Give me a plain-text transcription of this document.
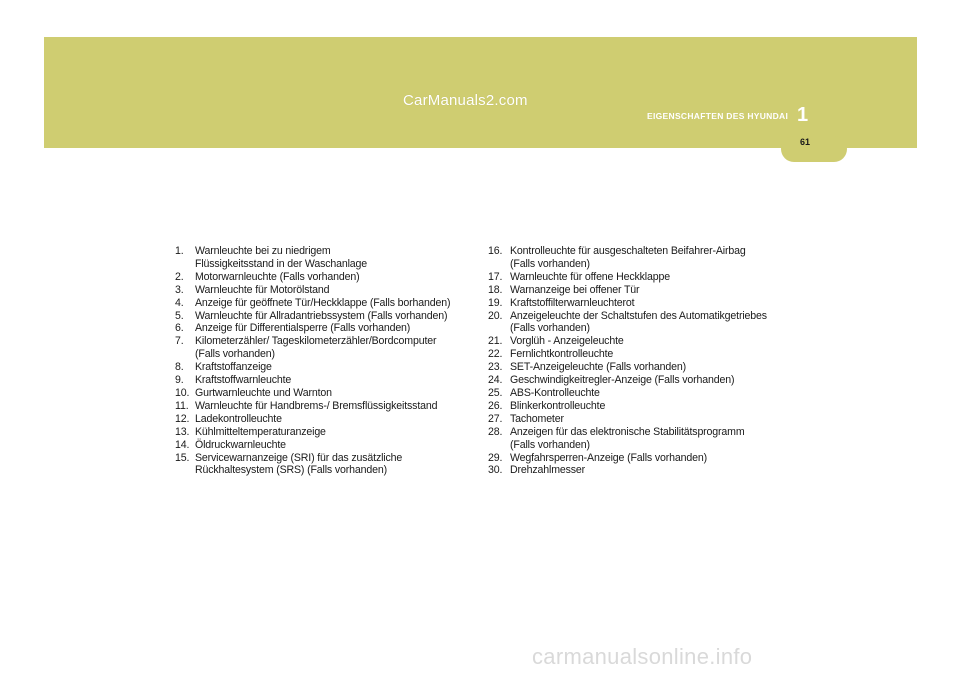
CarManuals2.com
EIGENSCHAFTEN DES HYUNDAI 1
61
1.	Warnleuchte bei zu niedrigem
Flüssigkeitsstand in der Waschanlage
2.	Motorwarnleuchte (Falls vorhanden)
3.	Warnleuchte für Motorölstand
4.	Anzeige für geöffnete Tür/Heckklappe (Falls borhanden)
5.	Warnleuchte für Allradantriebssystem (Falls vorhanden)
6.	Anzeige für Differentialsperre (Falls vorhanden)
7.	Kilometerzähler/ Tageskilometerzähler/Bordcomputer
(Falls vorhanden)
8.	Kraftstoffanzeige
9.	Kraftstoffwarnleuchte
10. Gurtwarnleuchte und Warnton
11. Warnleuchte für Handbrems-/ Bremsflüssigkeitsstand
12. Ladekontrolleuchte
13. Kühlmitteltemperaturanzeige
14. Öldruckwarnleuchte
15. Servicewarnanzeige (SRI) für das zusätzliche
Rückhaltesystem (SRS) (Falls vorhanden)
16. Kontrolleuchte für ausgeschalteten Beifahrer-Airbag
(Falls vorhanden)
17. Warnleuchte für offene Heckklappe
18. Warnanzeige bei offener Tür
19. Kraftstoffilterwarnleuchterot
20. Anzeigeleuchte der Schaltstufen des Automatikgetriebes
(Falls vorhanden)
21. Vorglüh - Anzeigeleuchte
22. Fernlichtkontrolleuchte
23. SET-Anzeigeleuchte (Falls vorhanden)
24. Geschwindigkeitregler-Anzeige (Falls vorhanden)
25. ABS-Kontrolleuchte
26. Blinkerkontrolleuchte
27. Tachometer
28. Anzeigen für das elektronische Stabilitätsprogramm
(Falls vorhanden)
29. Wegfahrsperren-Anzeige (Falls vorhanden)
30. Drehzahlmesser
carmanualsonline.info
